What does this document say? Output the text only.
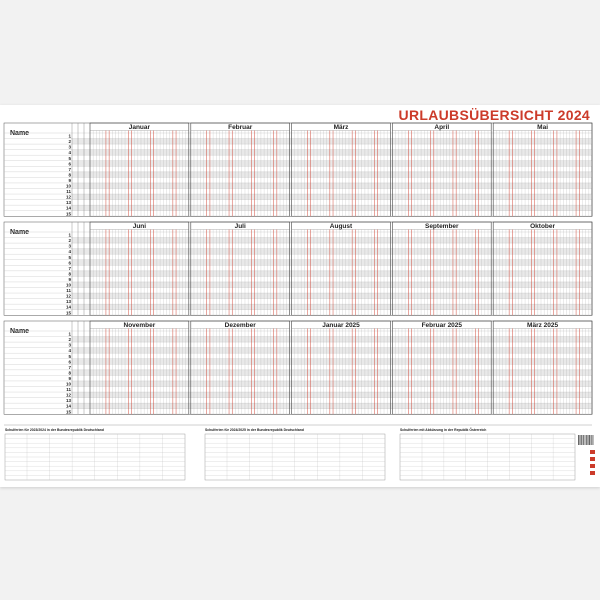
URLAUBSÜBERSICHT 2024
Name
Januar	Februar	März	April	Mai
1
2
3
4
5
6
7
8
9
10
11
12
13
14
15
Name
Juni	Juli	August	September	Oktober
1
2
3
4
5
6
7
8
9
10
11
12
13
14
15
Name
November	Dezember	Januar 2025	Februar 2025	März 2025
1
2
3
4
5
6
7
8
9
10
11
12
13
14
15
Schulferien für 2023/2024 in der Bundesrepublik Deutschland	Schulferien für 2024/2025 in der Bundesrepublik Deutschland	Schulferien mit Abkürzung in der Republik Österreich
